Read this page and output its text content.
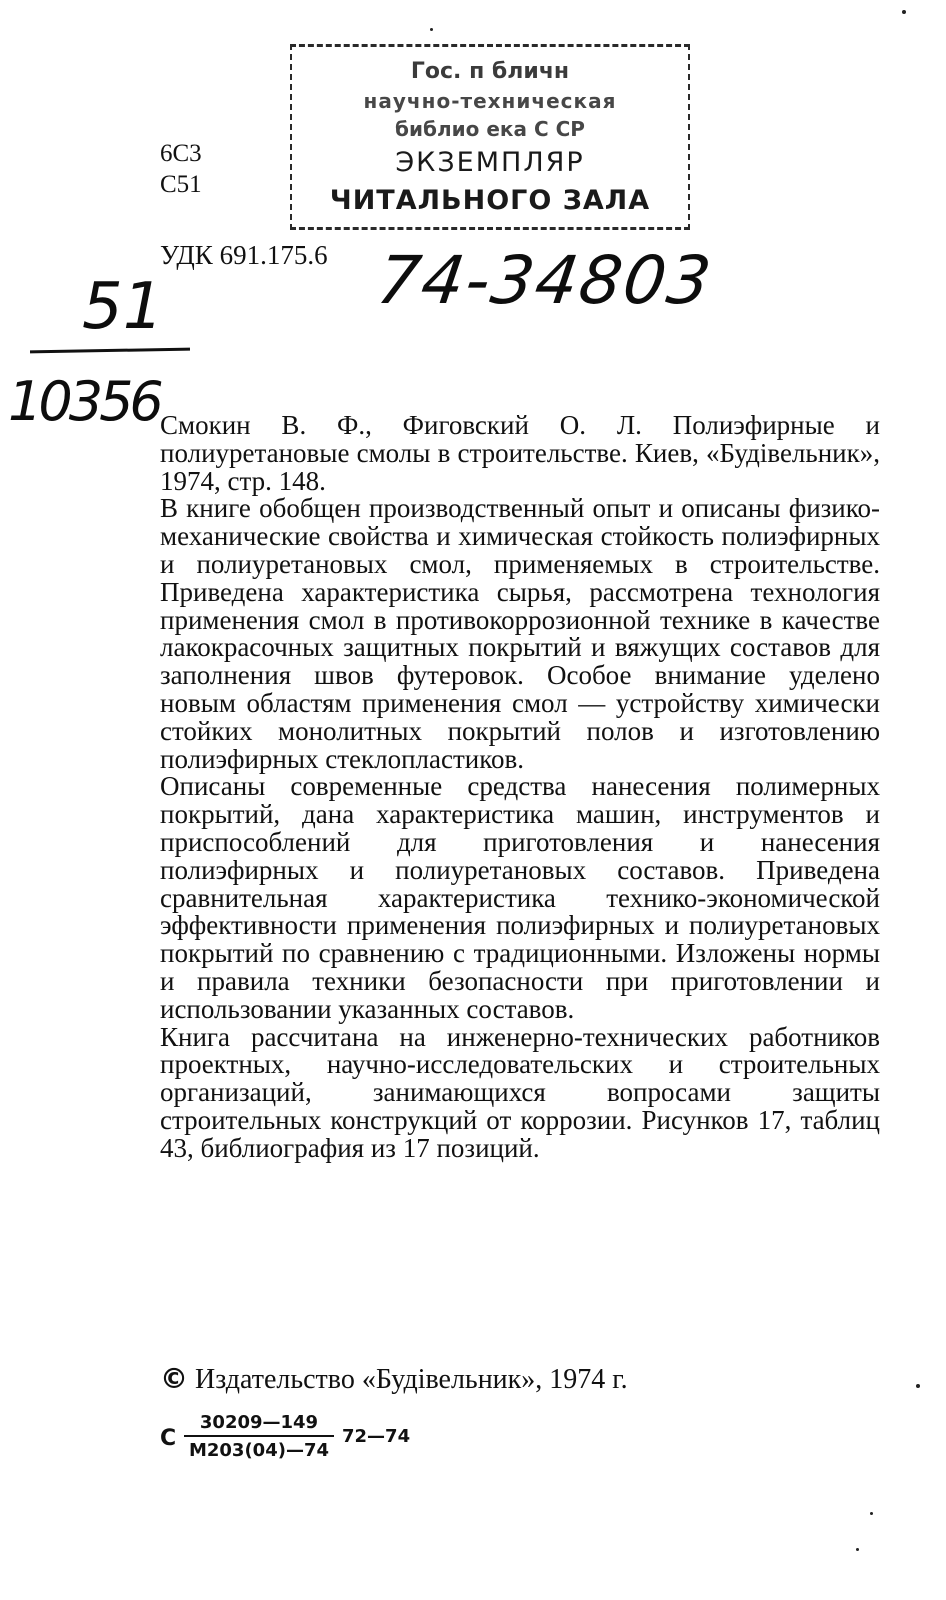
Гос. п бличн
научно-техническая
библио ека С СР
ЭКЗЕМПЛЯР
ЧИТАЛЬНОГО ЗАЛА
6С3
С51
УДК 691.175.6 74-34803
51
10356 Смокин В. Ф., Фиговский О. Л. Полиэфирные и полиуретановые смолы в строительстве. Киев, «Будівельник», 1974, стр. 148.

В книге обобщен производственный опыт и описаны физико-механические свойства и химическая стойкость полиэфирных и полиуретановых смол, применяемых в строительстве. Приведена характеристика сырья, рассмотрена технология применения смол в противокоррозионной технике в качестве лакокрасочных защитных покрытий и вяжущих составов для заполнения швов футеровок. Особое внимание уделено новым областям применения смол — устройству химически стойких монолитных покрытий полов и изготовлению полиэфирных стеклопластиков.

Описаны современные средства нанесения полимерных покрытий, дана характеристика машин, инструментов и приспособлений для приготовления и нанесения полиэфирных и полиуретановых составов. Приведена сравнительная характеристика технико-экономической эффективности применения полиэфирных и полиуретановых покрытий по сравнению с традиционными. Изложены нормы и правила техники безопасности при приготовлении и использовании указанных составов.

Книга рассчитана на инженерно-технических работников проектных, научно-исследовательских и строительных организаций, занимающихся вопросами защиты строительных конструкций от коррозии. Рисунков 17, таблиц 43, библиография из 17 позиций.

© Издательство «Будівельник», 1974 г.
С
30209—149
М203(04)—74
72—74
